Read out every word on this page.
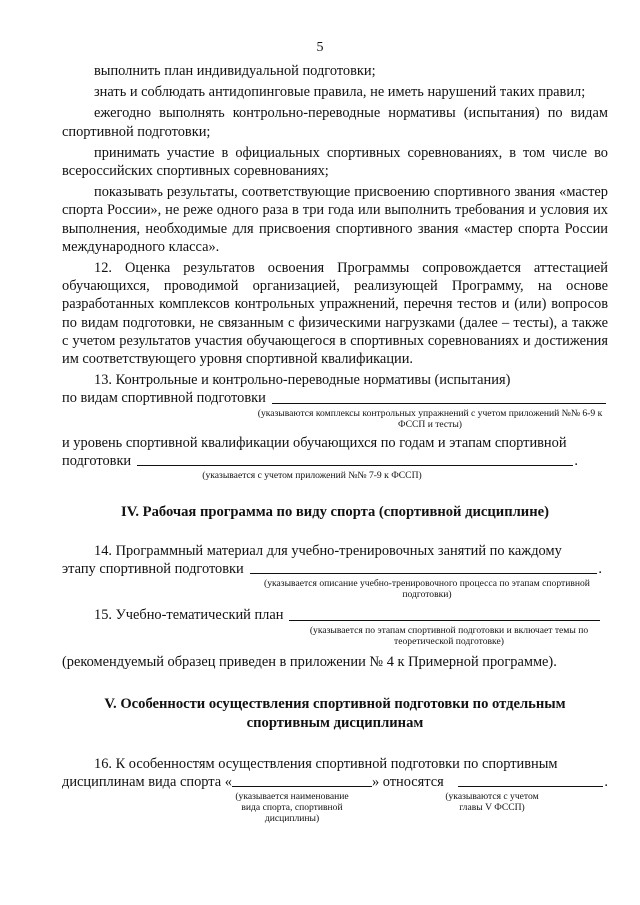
5

выполнить план индивидуальной подготовки;

знать и соблюдать антидопинговые правила, не иметь нарушений таких правил;

ежегодно выполнять контрольно-переводные нормативы (испытания) по видам спортивной подготовки;

принимать участие в официальных спортивных соревнованиях, в том числе во всероссийских спортивных соревнованиях;

показывать результаты, соответствующие присвоению спортивного звания «мастер спорта России», не реже одного раза в три года или выполнить требования и условия их выполнения, необходимые для присвоения спортивного звания «мастер спорта России международного класса».

12. Оценка результатов освоения Программы сопровождается аттестацией обучающихся, проводимой организацией, реализующей Программу, на основе разработанных комплексов контрольных упражнений, перечня тестов и (или) вопросов по видам подготовки, не связанным с физическими нагрузками (далее – тесты), а также с учетом результатов участия обучающегося в спортивных соревнованиях и достижения им соответствующего уровня спортивной квалификации.

13. Контрольные и контрольно-переводные нормативы (испытания)

по видам спортивной подготовки
(указываются комплексы контрольных упражнений с учетом приложений №№ 6-9 к ФССП и тесты)

и уровень спортивной квалификации обучающихся по годам и этапам спортивной

подготовки	.
(указывается с учетом приложений №№ 7-9 к ФССП)
IV. Рабочая программа по виду спорта (спортивной дисциплине)

14. Программный материал для учебно-тренировочных занятий по каждому

этапу спортивной подготовки	.
(указывается описание учебно-тренировочного процесса по этапам спортивной подготовки)
15. Учебно-тематический план
(указывается по этапам спортивной подготовки и включает темы по теоретической подготовке)

(рекомендуемый образец приведен в приложении № 4 к Примерной программе).

V. Особенности осуществления спортивной подготовки по отдельным спортивным дисциплинам

16. К особенностям осуществления спортивной подготовки по спортивным

дисциплинам вида спорта «	» относятся	.
(указывается наименование вида спорта, спортивной дисциплины)
(указываются с учетом главы V ФССП)
